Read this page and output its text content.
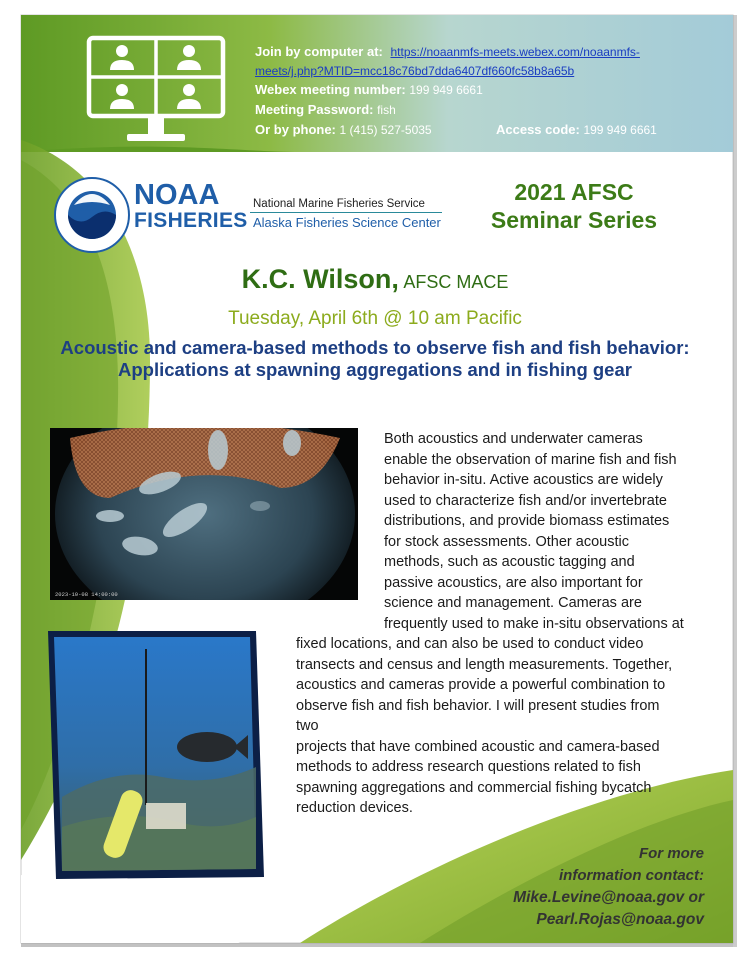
Join by computer at: https://noaanmfs-meets.webex.com/noaanmfs-
meets/j.php?MTID=mcc18c76bd7dda6407df660fc58b8a65b
Webex meeting number: 199 949 6661
Meeting Password: fish
Or by phone: 1 (415) 527-5035	Access code: 199 949 6661
NOAA NOAA
FISHERIES
National Marine Fisheries Service
Alaska Fisheries Science Center
2021 AFSC
Seminar Series
K.C. Wilson, AFSC MACE
Tuesday, April 6th @ 10 am Pacific
Acoustic and camera-based methods to observe fish and fish behavior: Applications at spawning aggregations and in fishing gear
2023-10-08 14:00:00
Both acoustics and underwater cameras
enable the observation of marine fish and fish
behavior in-situ. Active acoustics are widely
used to characterize fish and/or invertebrate
distributions, and provide biomass estimates
for stock assessments. Other acoustic
methods, such as acoustic tagging and
passive acoustics, are also important for
science and management. Cameras are
frequently used to make in-situ observations at
fixed locations, and can also be used to conduct video
transects and census and length measurements. Together,
acoustics and cameras provide a powerful combination to
observe fish and fish behavior. I will present studies from two
projects that have combined acoustic and camera-based
methods to address research questions related to fish
spawning aggregations and commercial fishing bycatch
reduction devices.
For more
information contact:
Mike.Levine@noaa.gov or
Pearl.Rojas@noaa.gov
